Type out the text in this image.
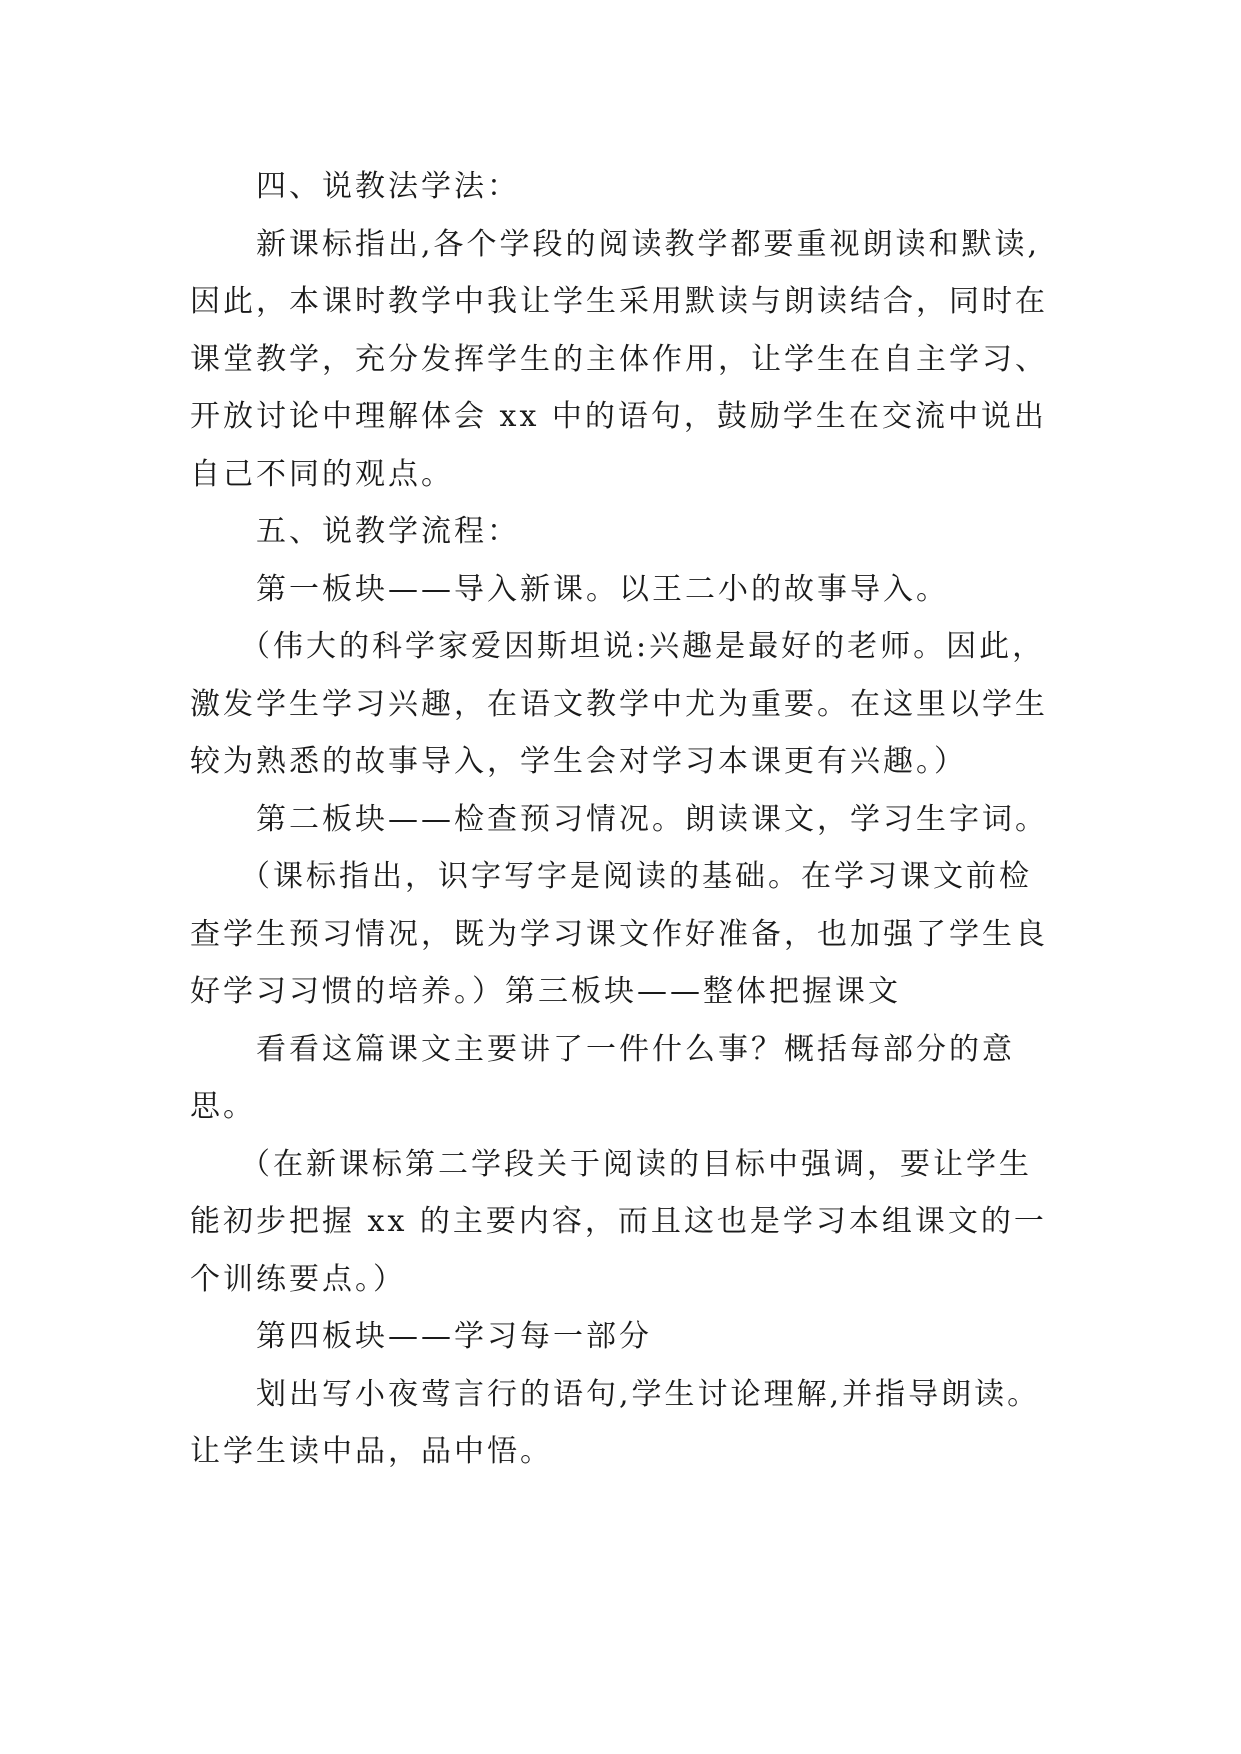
四、说教法学法：
新课标指出,各个学段的阅读教学都要重视朗读和默读,
因此，本课时教学中我让学生采用默读与朗读结合，同时在
课堂教学，充分发挥学生的主体作用，让学生在自主学习、
开放讨论中理解体会 xx 中的语句，鼓励学生在交流中说出
自己不同的观点。
五、说教学流程：
第一板块——导入新课。以王二小的故事导入。
（伟大的科学家爱因斯坦说:兴趣是最好的老师。因此，
激发学生学习兴趣，在语文教学中尤为重要。在这里以学生
较为熟悉的故事导入，学生会对学习本课更有兴趣。）
第二板块——检查预习情况。朗读课文，学习生字词。
（课标指出，识字写字是阅读的基础。在学习课文前检
查学生预习情况，既为学习课文作好准备，也加强了学生良
好学习习惯的培养。）第三板块——整体把握课文
看看这篇课文主要讲了一件什么事？概括每部分的意
思。
（在新课标第二学段关于阅读的目标中强调，要让学生
能初步把握 xx 的主要内容，而且这也是学习本组课文的一
个训练要点。）
第四板块——学习每一部分
划出写小夜莺言行的语句,学生讨论理解,并指导朗读。
让学生读中品，品中悟。
